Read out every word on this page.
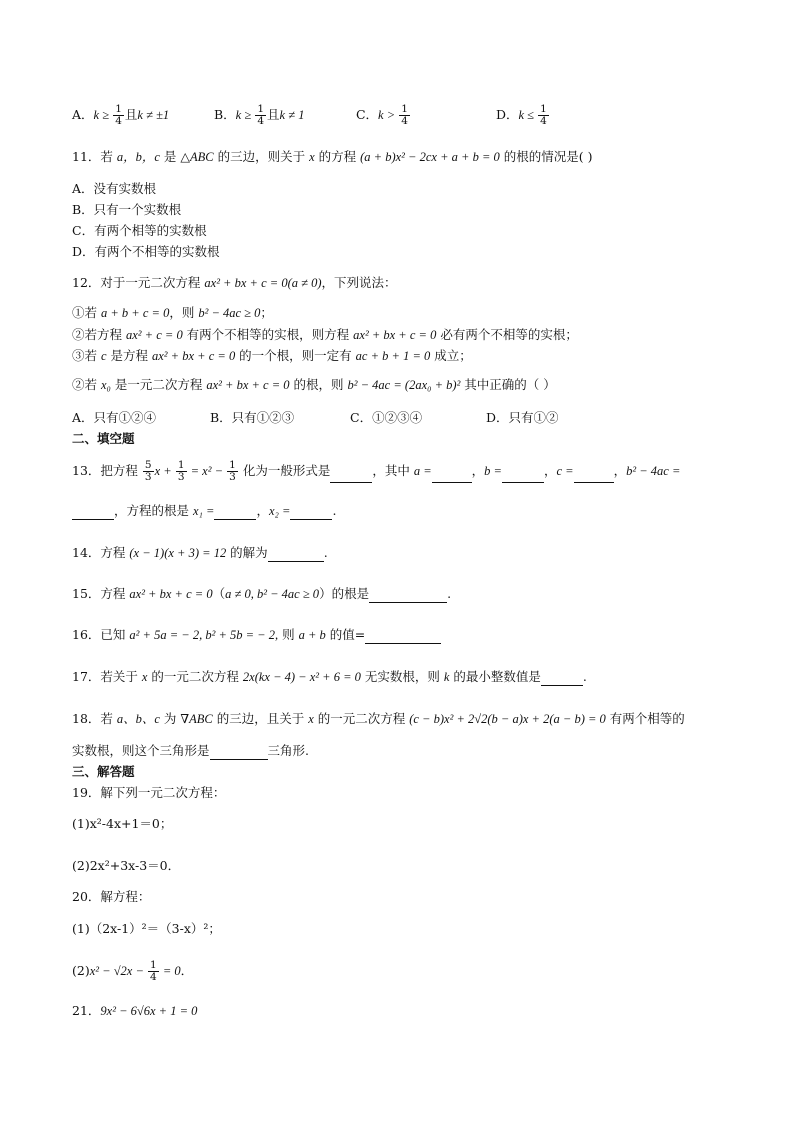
A．$k \ge \frac{1}{4}$ 且k ≠ ±1	B．$k \ge \frac{1}{4}$ 且k ≠ 1	C．$k > \frac{1}{4}$	D．$k \le \frac{1}{4}$
11．若 a，b，c 是 △ABC 的三边，则关于 x 的方程 (a + b)x² − 2cx + a + b = 0 的根的情况是( )
A．没有实数根
B．只有一个实数根
C．有两个相等的实数根
D．有两个不相等的实数根
12．对于一元二次方程 ax² + bx + c = 0(a ≠ 0)，下列说法：
①若 a + b + c = 0，则 b² − 4ac ≥ 0；
②若方程 ax² + c = 0 有两个不相等的实根，则方程 ax² + bx + c = 0 必有两个不相等的实根；
③若 c 是方程 ax² + bx + c = 0 的一个根，则一定有 ac + b + 1 = 0 成立；
②若 x₀ 是一元二次方程 ax² + bx + c = 0 的根，则 b² − 4ac = (2ax₀ + b)² 其中正确的（ ）
A．只有①②④	B．只有①②③	C．①②③④	D．只有①②
二、填空题
13．把方程 $\frac{5}{3}$ $x + \frac{1}{3} = x^2 - \frac{1}{3}$ 化为一般形式是	，其中 a =	，b =	，c =	，b² − 4ac =
，方程的根是 x₁ =	，x₂ =	.
14．方程 (x − 1)(x + 3) = 12 的解为	.
15．方程 ax² + bx + c = 0（a ≠ 0, b² − 4ac ≥ 0）的根是	.
16．已知 a² + 5a = − 2, b² + 5b = − 2, 则 a + b 的值=
17．若关于 x 的一元二次方程 2x(kx − 4) − x² + 6 = 0 无实数根，则 k 的最小整数值是	.
18．若 a、b、c 为 ∇ABC 的三边，且关于 x 的一元二次方程 (c − b)x² + 2√2(b − a)x + 2(a − b) = 0 有两个相等的
实数根，则这个三角形是	三角形.
三、解答题
19．解下列一元二次方程：
(1)x²-4x+1＝0；
(2)2x²+3x-3＝0．
20．解方程：
(1)（2x-1）²＝（3-x）²；
$(2)x^2 - √2x - \frac{1}{4} = 0$．
21．9x² − 6√6x + 1 = 0
